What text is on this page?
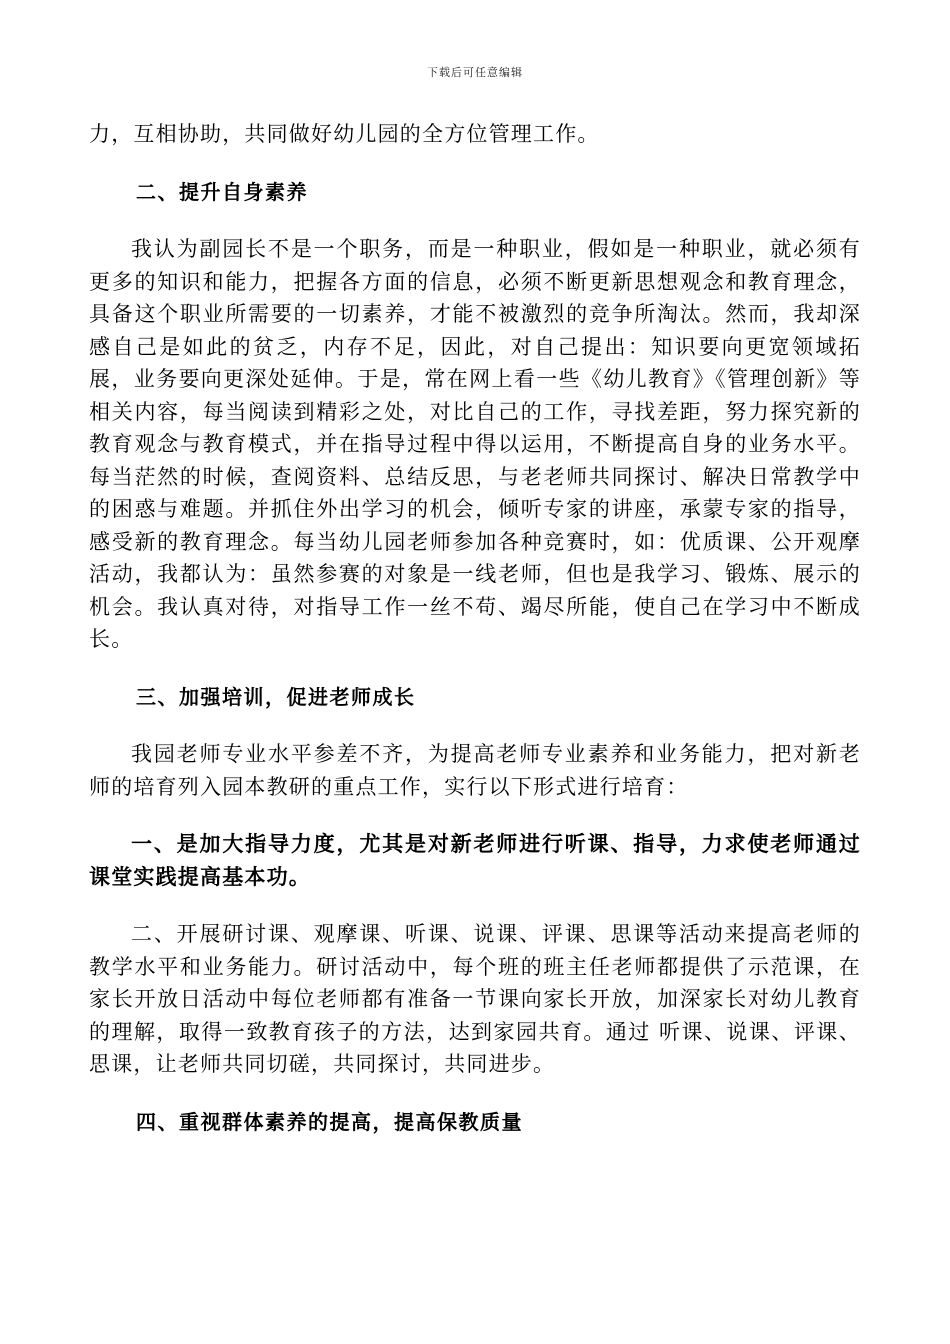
下载后可任意编辑

力，互相协助，共同做好幼儿园的全方位管理工作。

二、提升自身素养

我认为副园长不是一个职务，而是一种职业，假如是一种职业，就必须有更多的知识和能力，把握各方面的信息，必须不断更新思想观念和教育理念，具备这个职业所需要的一切素养，才能不被激烈的竞争所淘汰。然而，我却深感自己是如此的贫乏，内存不足，因此，对自己提出：知识要向更宽领域拓展，业务要向更深处延伸。于是，常在网上看一些《幼儿教育》《管理创新》等相关内容，每当阅读到精彩之处，对比自己的工作，寻找差距，努力探究新的教育观念与教育模式，并在指导过程中得以运用，不断提高自身的业务水平。每当茫然的时候，查阅资料、总结反思，与老老师共同探讨、解决日常教学中的困惑与难题。并抓住外出学习的机会，倾听专家的讲座，承蒙专家的指导，感受新的教育理念。每当幼儿园老师参加各种竞赛时，如：优质课、公开观摩活动，我都认为：虽然参赛的对象是一线老师，但也是我学习、锻炼、展示的机会。我认真对待，对指导工作一丝不苟、竭尽所能，使自己在学习中不断成长。

三、加强培训，促进老师成长

我园老师专业水平参差不齐，为提高老师专业素养和业务能力，把对新老师的培育列入园本教研的重点工作，实行以下形式进行培育：

一、是加大指导力度，尤其是对新老师进行听课、指导，力求使老师通过课堂实践提高基本功。

二、开展研讨课、观摩课、听课、说课、评课、思课等活动来提高老师的教学水平和业务能力。研讨活动中，每个班的班主任老师都提供了示范课，在家长开放日活动中每位老师都有准备一节课向家长开放，加深家长对幼儿教育的理解，取得一致教育孩子的方法，达到家园共育。通过 听课、说课、评课、思课，让老师共同切磋，共同探讨，共同进步。

四、重视群体素养的提高，提高保教质量
